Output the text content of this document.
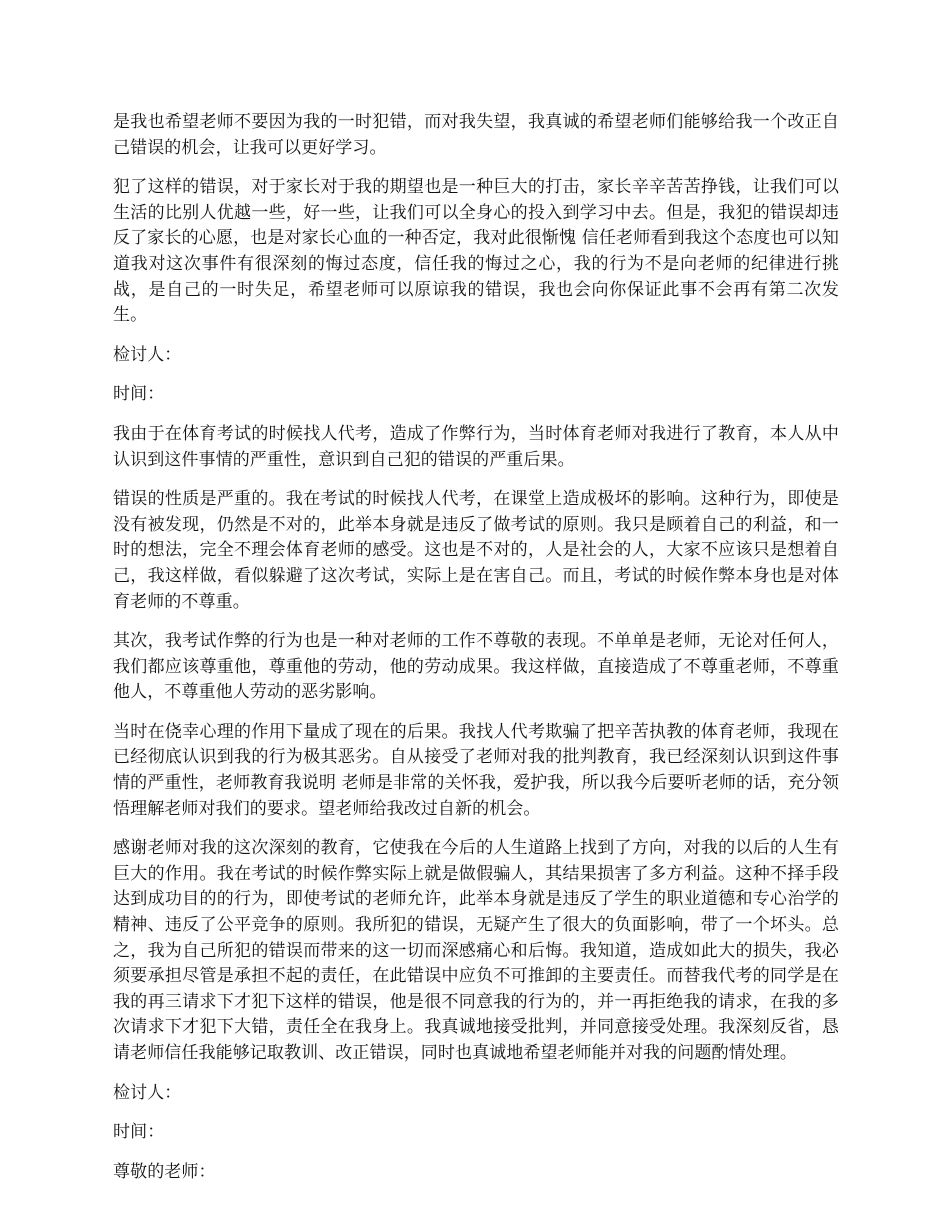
是我也希望老师不要因为我的一时犯错，而对我失望，我真诚的希望老师们能够给我一个改正自己错误的机会，让我可以更好学习。

犯了这样的错误，对于家长对于我的期望也是一种巨大的打击，家长辛辛苦苦挣钱，让我们可以生活的比别人优越一些，好一些，让我们可以全身心的投入到学习中去。但是，我犯的错误却违反了家长的心愿，也是对家长心血的一种否定，我对此很惭愧 信任老师看到我这个态度也可以知道我对这次事件有很深刻的悔过态度，信任我的悔过之心，我的行为不是向老师的纪律进行挑战，是自己的一时失足，希望老师可以原谅我的错误，我也会向你保证此事不会再有第二次发生。

检讨人：

时间：

我由于在体育考试的时候找人代考，造成了作弊行为，当时体育老师对我进行了教育，本人从中认识到这件事情的严重性，意识到自己犯的错误的严重后果。

错误的性质是严重的。我在考试的时候找人代考，在课堂上造成极坏的影响。这种行为，即使是没有被发现，仍然是不对的，此举本身就是违反了做考试的原则。我只是顾着自己的利益，和一时的想法，完全不理会体育老师的感受。这也是不对的，人是社会的人，大家不应该只是想着自己，我这样做，看似躲避了这次考试，实际上是在害自己。而且，考试的时候作弊本身也是对体育老师的不尊重。

其次，我考试作弊的行为也是一种对老师的工作不尊敬的表现。不单单是老师，无论对任何人，我们都应该尊重他，尊重他的劳动，他的劳动成果。我这样做，直接造成了不尊重老师，不尊重他人，不尊重他人劳动的恶劣影响。

当时在侥幸心理的作用下量成了现在的后果。我找人代考欺骗了把辛苦执教的体育老师，我现在已经彻底认识到我的行为极其恶劣。自从接受了老师对我的批判教育，我已经深刻认识到这件事情的严重性，老师教育我说明 老师是非常的关怀我，爱护我，所以我今后要听老师的话，充分领悟理解老师对我们的要求。望老师给我改过自新的机会。

感谢老师对我的这次深刻的教育，它使我在今后的人生道路上找到了方向，对我的以后的人生有巨大的作用。我在考试的时候作弊实际上就是做假骗人，其结果损害了多方利益。这种不择手段达到成功目的的行为，即使考试的老师允许，此举本身就是违反了学生的职业道德和专心治学的精神、违反了公平竞争的原则。我所犯的错误，无疑产生了很大的负面影响，带了一个坏头。总之，我为自己所犯的错误而带来的这一切而深感痛心和后悔。我知道，造成如此大的损失，我必须要承担尽管是承担不起的责任，在此错误中应负不可推卸的主要责任。而替我代考的同学是在我的再三请求下才犯下这样的错误，他是很不同意我的行为的，并一再拒绝我的请求，在我的多次请求下才犯下大错，责任全在我身上。我真诚地接受批判，并同意接受处理。我深刻反省，恳请老师信任我能够记取教训、改正错误，同时也真诚地希望老师能并对我的问题酌情处理。

检讨人：

时间：

尊敬的老师：
